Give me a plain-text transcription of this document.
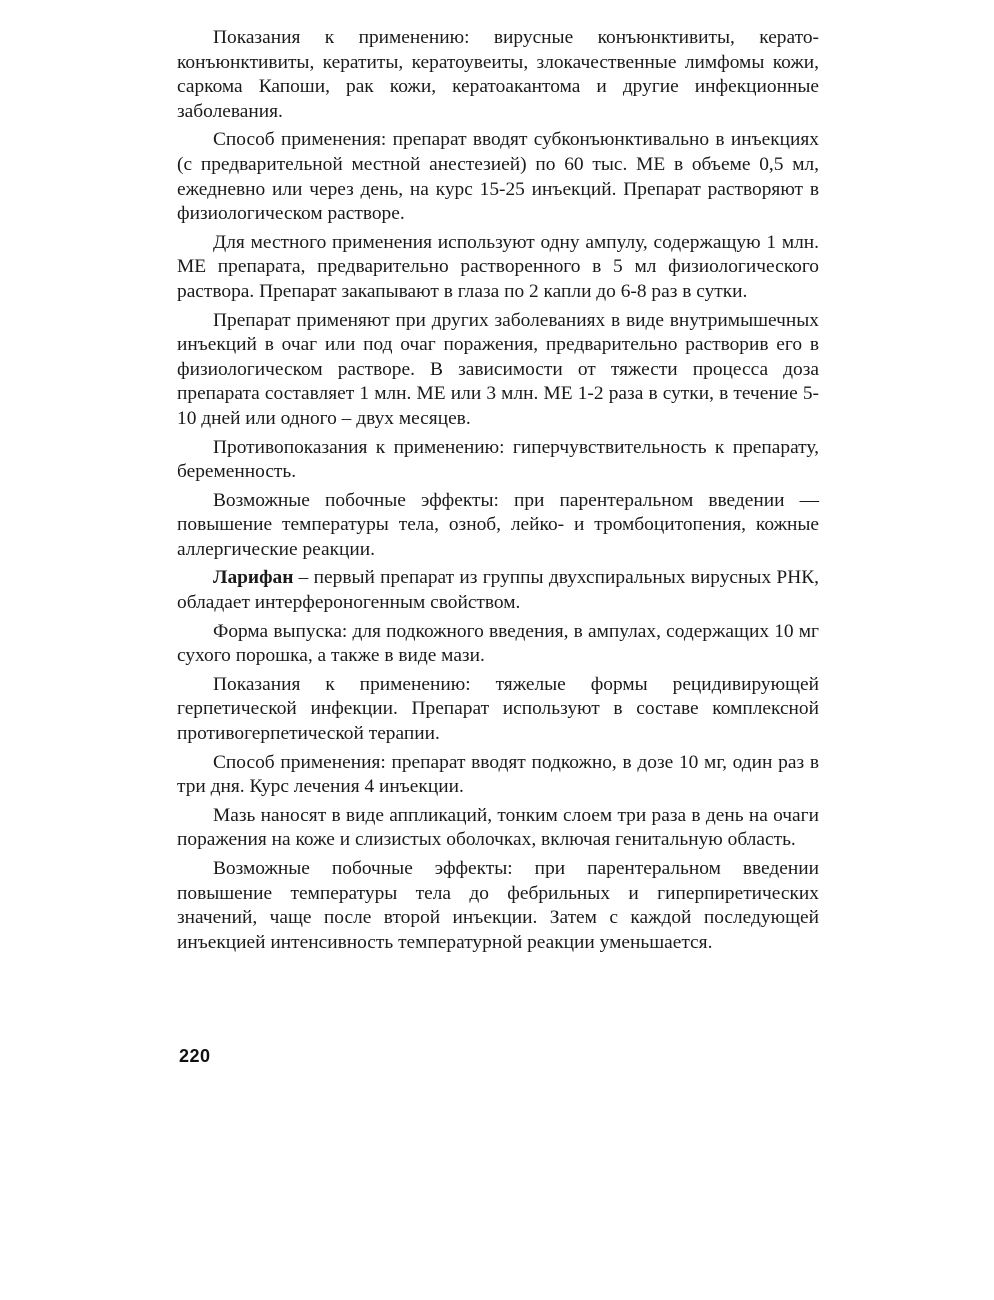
Показания к применению: вирусные конъюнктивиты, кератоконъюнктивиты, кератиты, кератоувеиты, злокачественные лимфомы кожи, саркома Капоши, рак кожи, кератоакантома и другие инфекционные заболевания.

Способ применения: препарат вводят субконъюнктивально в инъекциях (с предварительной местной анестезией) по 60 тыс. МЕ в объеме 0,5 мл, ежедневно или через день, на курс 15-25 инъекций. Препарат растворяют в физиологическом растворе.

Для местного применения используют одну ампулу, содержащую 1 млн. МЕ препарата, предварительно растворенного в 5 мл физиологического раствора. Препарат закапывают в глаза по 2 капли до 6-8 раз в сутки.

Препарат применяют при других заболеваниях в виде внутримышечных инъекций в очаг или под очаг поражения, предварительно растворив его в физиологическом растворе. В зависимости от тяжести процесса доза препарата составляет 1 млн. МЕ или 3 млн. МЕ 1-2 раза в сутки, в течение 5-10 дней или одного – двух месяцев.

Противопоказания к применению: гиперчувствительность к препарату, беременность.

Возможные побочные эффекты: при парентеральном введении — повышение температуры тела, озноб, лейко- и тромбоцитопения, кожные аллергические реакции.

Ларифан – первый препарат из группы двухспиральных вирусных РНК, обладает интерфероногенным свойством.

Форма выпуска: для подкожного введения, в ампулах, содержащих 10 мг сухого порошка, а также в виде мази.

Показания к применению: тяжелые формы рецидивирующей герпетической инфекции. Препарат используют в составе комплексной противогерпетической терапии.

Способ применения: препарат вводят подкожно, в дозе 10 мг, один раз в три дня. Курс лечения 4 инъекции.

Мазь наносят в виде аппликаций, тонким слоем три раза в день на очаги поражения на коже и слизистых оболочках, включая генитальную область.

Возможные побочные эффекты: при парентеральном введении повышение температуры тела до фебрильных и гиперпиретических значений, чаще после второй инъекции. Затем с каждой последующей инъекцией интенсивность температурной реакции уменьшается.

220
